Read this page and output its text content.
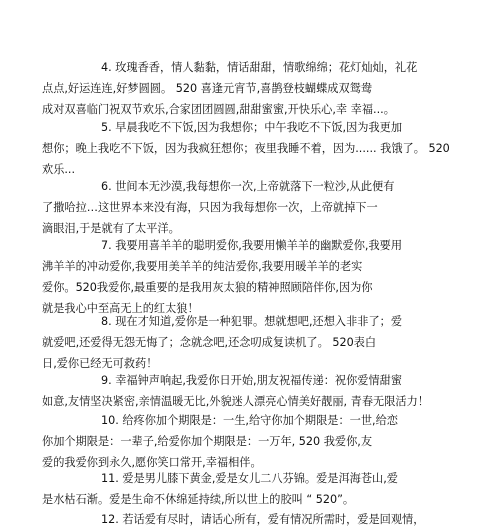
4. 玫瑰香香，情人黏黏，情话甜甜，情歌绵绵；花灯灿灿，礼花
点点,好运连连,好梦圆圆。 520 喜逢元宵节,喜鹊登枝蝴蝶成双鸳鸯
成对双喜临门祝双节欢乐,合家团团圆圆,甜甜蜜蜜,开快乐心,幸 幸福...。
5. 早晨我吃不下饭,因为我想你；中午我吃不下饭,因为我更加
想你；晚上我吃不下饭，因为我疯狂想你；夜里我睡不着，因为...... 我饿了。 520
欢乐...
6. 世间本无沙漠,我每想你一次,上帝就落下一粒沙,从此便有
了撒哈拉…这世界本来没有海，只因为我每想你一次，上帝就掉下一
滴眼泪,于是就有了太平洋。
7. 我要用喜羊羊的聪明爱你,我要用懒羊羊的幽默爱你,我要用
沸羊羊的冲动爱你,我要用美羊羊的纯洁爱你,我要用暖羊羊的老实
爱你。520我爱你,最重要的是我用灰太狼的精神照顾陪伴你,因为你
就是我心中至高无上的红太狼！
8. 现在才知道,爱你是一种犯罪。想就想吧,还想入非非了；爱
就爱吧,还爱得无怨无悔了；念就念吧,还念叨成复读机了。 520表白
日,爱你已经无可救药！
9. 幸福钟声响起,我爱你日开始,朋友祝福传递：祝你爱情甜蜜
如意,友情坚决紧密,亲情温暖无比,外貌迷人漂亮心情美好靓丽, 青春无限活力！
10. 给疼你加个期限是：一生,给守你加个期限是：一世,给恋
你加个期限是：一辈子,给爱你加个期限是：一万年, 520 我爱你,友
爱的我爱你到永久,愿你笑口常开,幸福相伴。
11. 爱是男儿膝下黄金,爱是女儿二八芬锦。爱是洱海苍山,爱
是水枯石渐。爱是生命不休绵延持续,所以世上的胶叫 “ 520”。
12. 若话爱有尽时，请话心所有，爱有情况所需时，爱是回观情，
